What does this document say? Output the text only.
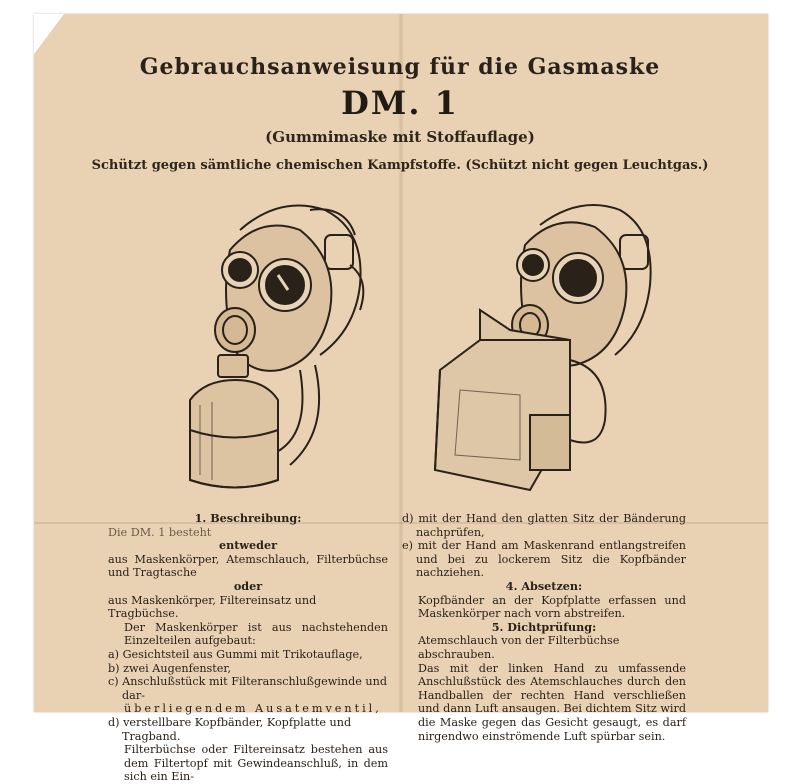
Gebrauchsanweisung für die Gasmaske
DM. 1
(Gummimaske mit Stoffauflage)
Schützt gegen sämtliche chemischen Kampfstoffe. (Schützt nicht gegen Leuchtgas.)

1. Beschreibung:

Die DM. 1 besteht

entweder

aus Maskenkörper, Atemschlauch, Filterbüchse und Tragtasche

oder

aus Maskenkörper, Filtereinsatz und Tragbüchse.

Der Maskenkörper ist aus nachstehenden Einzelteilen aufgebaut:

a) Gesichtsteil aus Gummi mit Trikotauflage,

b) zwei Augenfenster,

c) Anschlußstück mit Filteranschlußgewinde und dar-

überliegendem Ausatemventil,

d) verstellbare Kopfbänder, Kopfplatte und Tragband.

Filterbüchse oder Filtereinsatz bestehen aus dem Filtertopf mit Gewindeanschluß, in dem sich ein Ein-

d) mit der Hand den glatten Sitz der Bänderung nachprüfen,

e) mit der Hand am Maskenrand entlangstreifen und bei zu lockerem Sitz die Kopfbänder nachziehen.

4. Absetzen:

Kopfbänder an der Kopfplatte erfassen und Maskenkörper nach vorn abstreifen.

5. Dichtprüfung:

Atemschlauch von der Filterbüchse abschrauben.

Das mit der linken Hand zu umfassende Anschlußstück des Atemschlauches durch den Handballen der rechten Hand verschließen und dann Luft ansaugen. Bei dichtem Sitz wird die Maske gegen das Gesicht gesaugt, es darf nirgendwo einströmende Luft spürbar sein.
